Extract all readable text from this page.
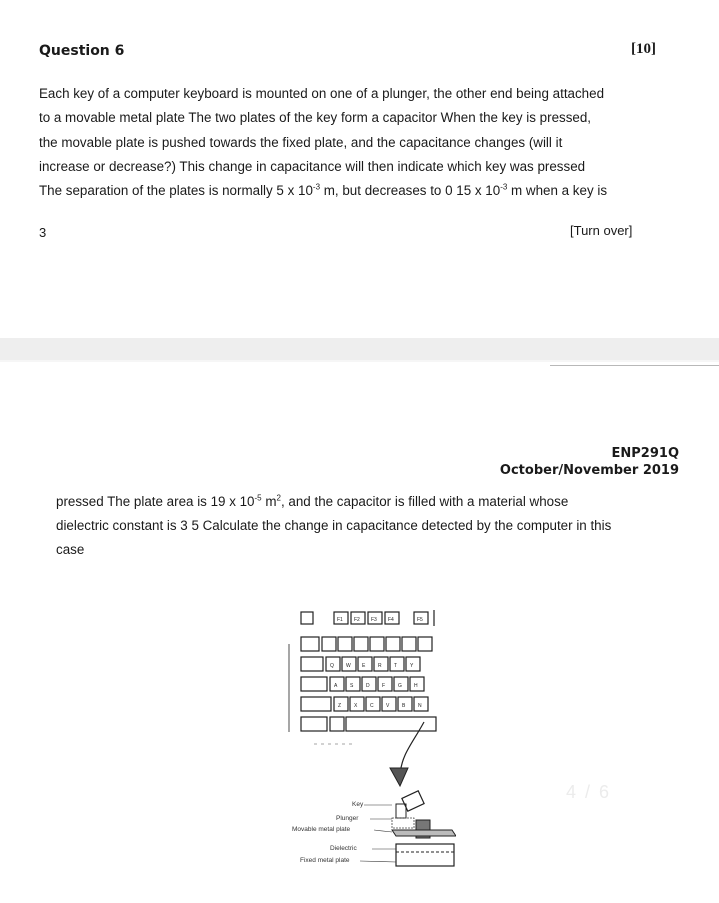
Question 6	[10]
Each key of a computer keyboard is mounted on one of a plunger, the other end being attached
to a movable metal plate The two plates of the key form a capacitor When the key is pressed,
the movable plate is pushed towards the fixed plate, and the capacitance changes (will it
increase or decrease?) This change in capacitance will then indicate which key was pressed
The separation of the plates is normally 5 x $10^{-3}$ m, but decreases to 0 15 x $10^{-3}$ m when a key is
3	[Turn over]
ENP291Q
October/November 2019
pressed The plate area is 19 x $10^{-5}$ $m^2$, and the capacitor is filled with a material whose
dielectric constant is 3 5 Calculate the change in capacitance detected by the computer in this
case
F1 F2 F3 F4	F5
Q W E	R T	Y
A	S	D F	G H
Z	X	C V	B	N
Key
Plunger
Movable metal plate
Dielectric
Fixed metal plate
4 / 6
